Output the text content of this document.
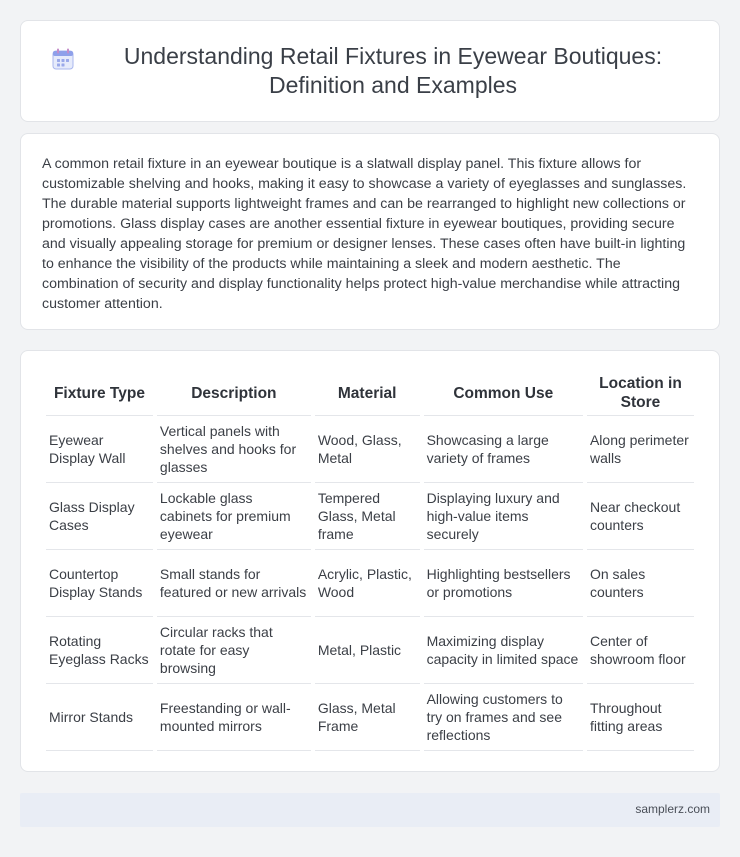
Understanding Retail Fixtures in Eyewear Boutiques: Definition and Examples

A common retail fixture in an eyewear boutique is a slatwall display panel. This fixture allows for customizable shelving and hooks, making it easy to showcase a variety of eyeglasses and sunglasses. The durable material supports lightweight frames and can be rearranged to highlight new collections or promotions. Glass display cases are another essential fixture in eyewear boutiques, providing secure and visually appealing storage for premium or designer lenses. These cases often have built-in lighting to enhance the visibility of the products while maintaining a sleek and modern aesthetic. The combination of security and display functionality helps protect high-value merchandise while attracting customer attention.

Fixture Type	Description	Material	Common Use	Location in Store
Eyewear Display Wall	Vertical panels with shelves and hooks for glasses	Wood, Glass, Metal	Showcasing a large variety of frames	Along perimeter walls
Glass Display Cases	Lockable glass cabinets for premium eyewear	Tempered Glass, Metal frame	Displaying luxury and high-value items securely	Near checkout counters
Countertop Display Stands	Small stands for featured or new arrivals	Acrylic, Plastic, Wood	Highlighting bestsellers or promotions	On sales counters
Rotating Eyeglass Racks	Circular racks that rotate for easy browsing	Metal, Plastic	Maximizing display capacity in limited space	Center of showroom floor
Mirror Stands	Freestanding or wall-mounted mirrors	Glass, Metal Frame	Allowing customers to try on frames and see reflections	Throughout fitting areas
samplerz.com
